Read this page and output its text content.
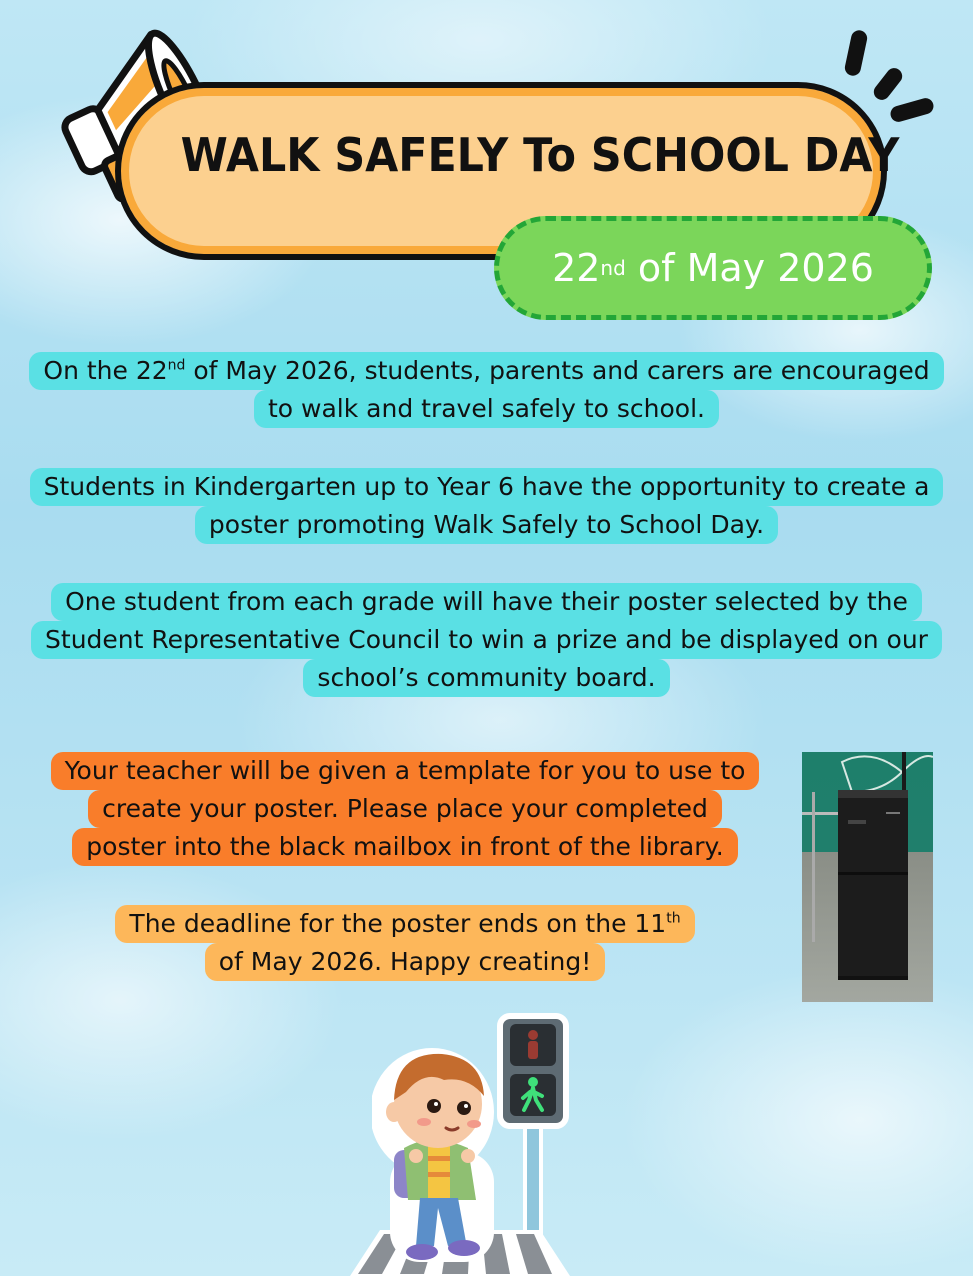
WALK SAFELY To SCHOOL DAY
22 nd of May 2026
On the 22nd of May 2026, students, parents and carers are encouraged
to walk and travel safely to school.
Students in Kindergarten up to Year 6 have the opportunity to create a
poster promoting Walk Safely to School Day.
One student from each grade will have their poster selected by the
Student Representative Council to win a prize and be displayed on our
school’s community board.
Your teacher will be given a template for you to use to
create your poster. Please place your completed
poster into the black mailbox in front of the library.
The deadline for the poster ends on the 11th
of May 2026. Happy creating!
